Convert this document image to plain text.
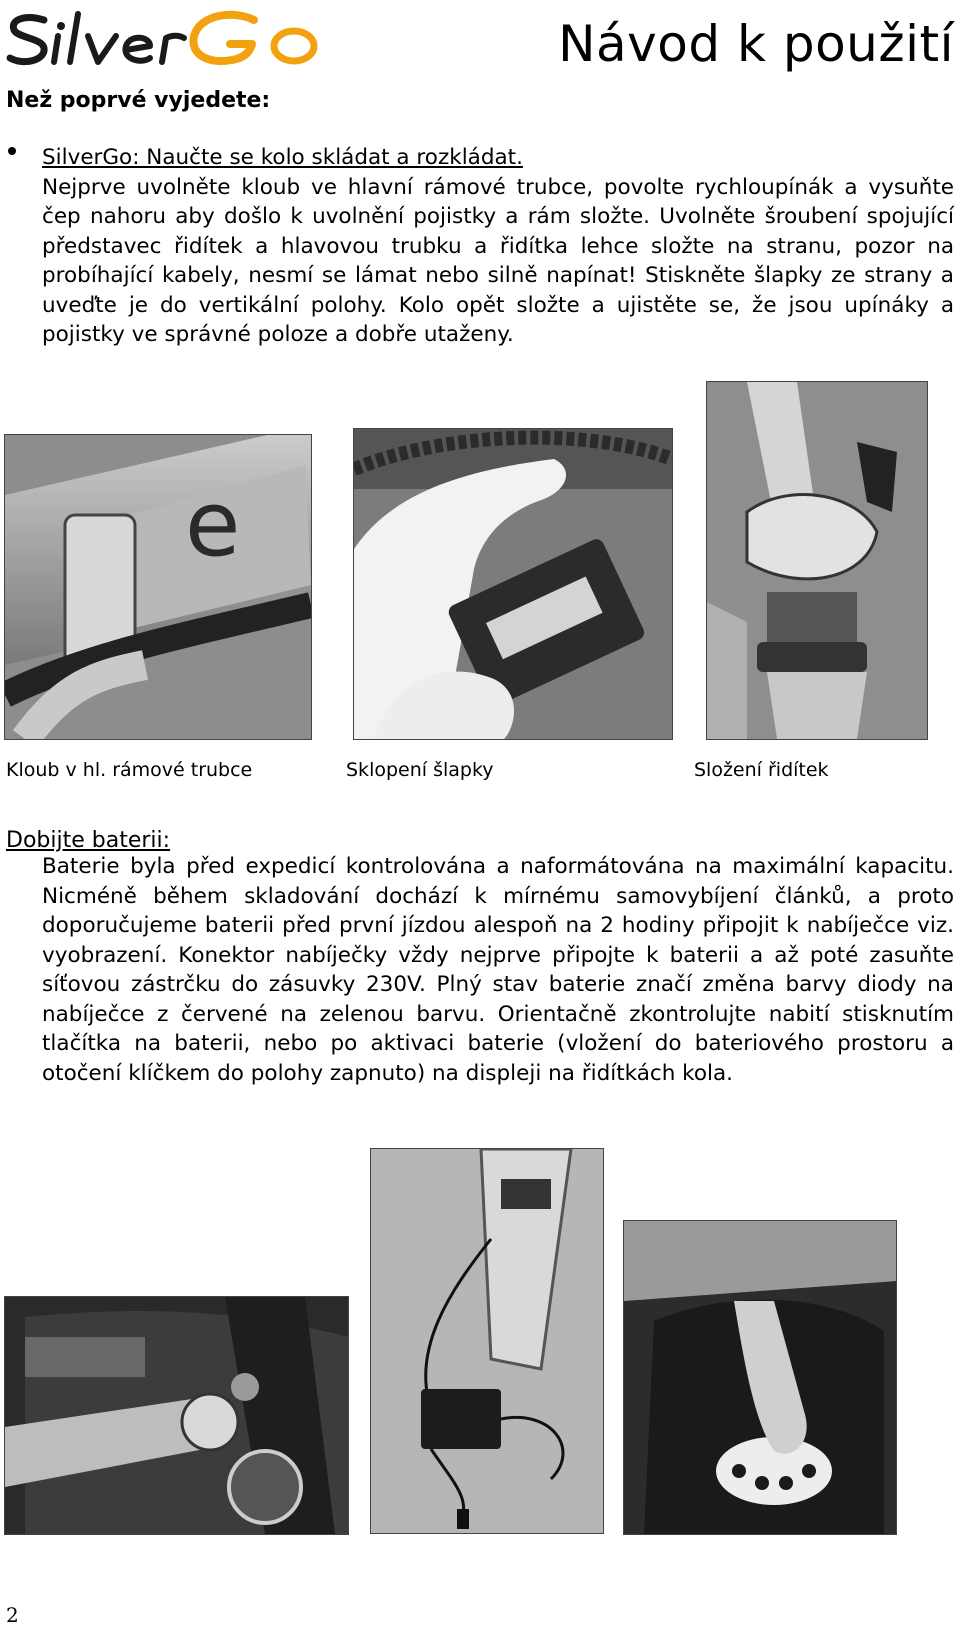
Návod k použití
Než poprvé vyjedete:
SilverGo: Naučte se kolo skládat a rozkládat.
Nejprve uvolněte kloub ve hlavní rámové trubce, povolte rychloupínák a vysuňte čep nahoru aby došlo k uvolnění pojistky a rám složte. Uvolněte šroubení spojující představec řidítek a hlavovou trubku a řidítka lehce složte na stranu, pozor na probíhající kabely, nesmí se lámat nebo silně napínat! Stiskněte šlapky ze strany a uveďte je do vertikální polohy. Kolo opět složte a ujistěte se, že jsou upínáky a pojistky ve správné poloze a dobře utaženy.
e
Kloub v hl. rámové trubce	Sklopení šlapky	Složení řidítek
Dobijte baterii:
Baterie byla před expedicí kontrolována a naformátována na maximální kapacitu. Nicméně během skladování dochází k mírnému samovybíjení článků, a proto doporučujeme baterii před první jízdou alespoň na 2 hodiny připojit k nabíječce viz. vyobrazení. Konektor nabíječky vždy nejprve připojte k baterii a až poté zasuňte síťovou zástrčku do zásuvky 230V. Plný stav baterie značí změna barvy diody na nabíječce z červené na zelenou barvu. Orientačně zkontrolujte nabití stisknutím tlačítka na baterii, nebo po aktivaci baterie (vložení do bateriového prostoru a otočení klíčkem do polohy zapnuto) na displeji na řidítkách kola.
2
